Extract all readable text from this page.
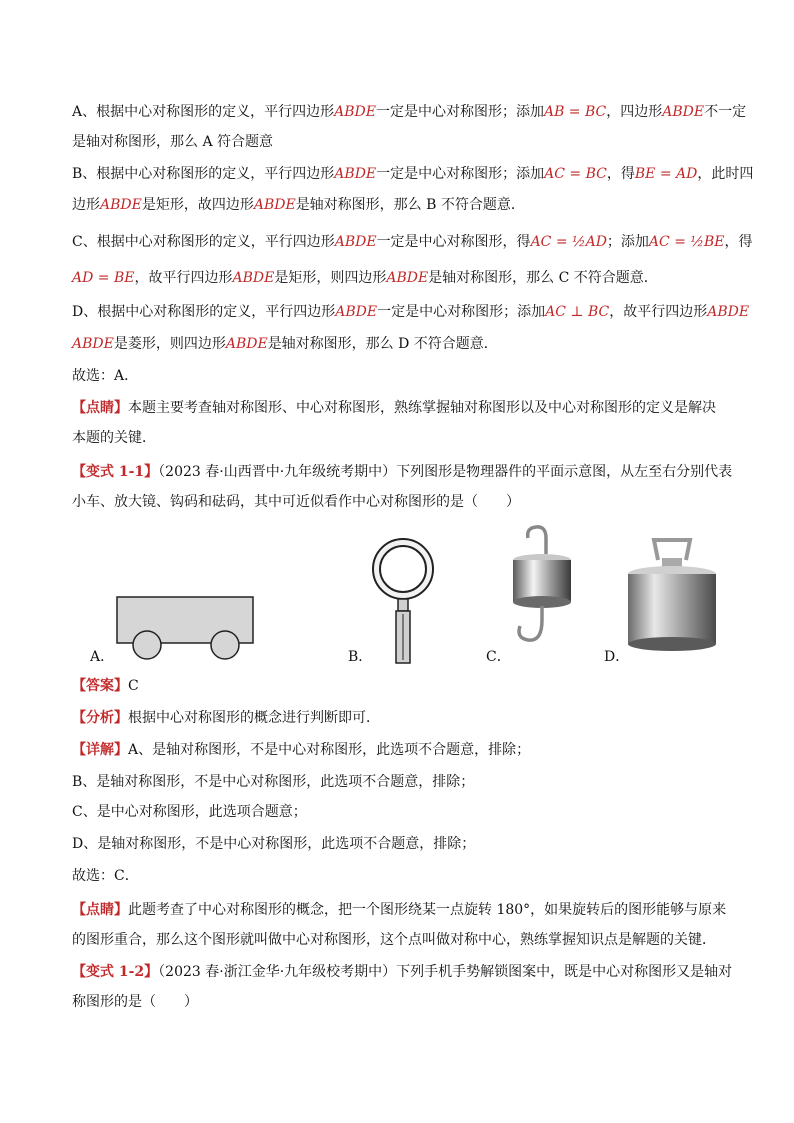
A、根据中心对称图形的定义，平行四边形ABDE一定是中心对称图形；添加AB = BC，四边形ABDE不一定
是轴对称图形，那么 A 符合题意
B、根据中心对称图形的定义，平行四边形ABDE一定是中心对称图形；添加AC = BC，得BE = AD，此时四
边形ABDE是矩形，故四边形ABDE是轴对称图形，那么 B 不符合题意．
C、根据中心对称图形的定义，平行四边形ABDE一定是中心对称图形，得AC = ½AD；添加AC = ½BE，得
AD = BE，故平行四边形ABDE是矩形，则四边形ABDE是轴对称图形，那么 C 不符合题意．
D、根据中心对称图形的定义，平行四边形ABDE一定是中心对称图形；添加AC ⊥ BC，故平行四边形ABDE
ABDE是菱形，则四边形ABDE是轴对称图形，那么 D 不符合题意．
故选：A．
【点睛】本题主要考查轴对称图形、中心对称图形，熟练掌握轴对称图形以及中心对称图形的定义是解决
本题的关键．
【变式 1-1】（2023 春·山西晋中·九年级统考期中）下列图形是物理器件的平面示意图，从左至右分别代表
小车、放大镜、钩码和砝码，其中可近似看作中心对称图形的是（　　）
A．	B．	C．	D．
【答案】C
【分析】根据中心对称图形的概念进行判断即可．
【详解】A、是轴对称图形，不是中心对称图形，此选项不合题意，排除；
B、是轴对称图形，不是中心对称图形，此选项不合题意，排除；
C、是中心对称图形，此选项合题意；
D、是轴对称图形，不是中心对称图形，此选项不合题意，排除；
故选：C．
【点睛】此题考查了中心对称图形的概念，把一个图形绕某一点旋转 180°，如果旋转后的图形能够与原来
的图形重合，那么这个图形就叫做中心对称图形，这个点叫做对称中心，熟练掌握知识点是解题的关键．
【变式 1-2】（2023 春·浙江金华·九年级校考期中）下列手机手势解锁图案中，既是中心对称图形又是轴对
称图形的是（　　）
